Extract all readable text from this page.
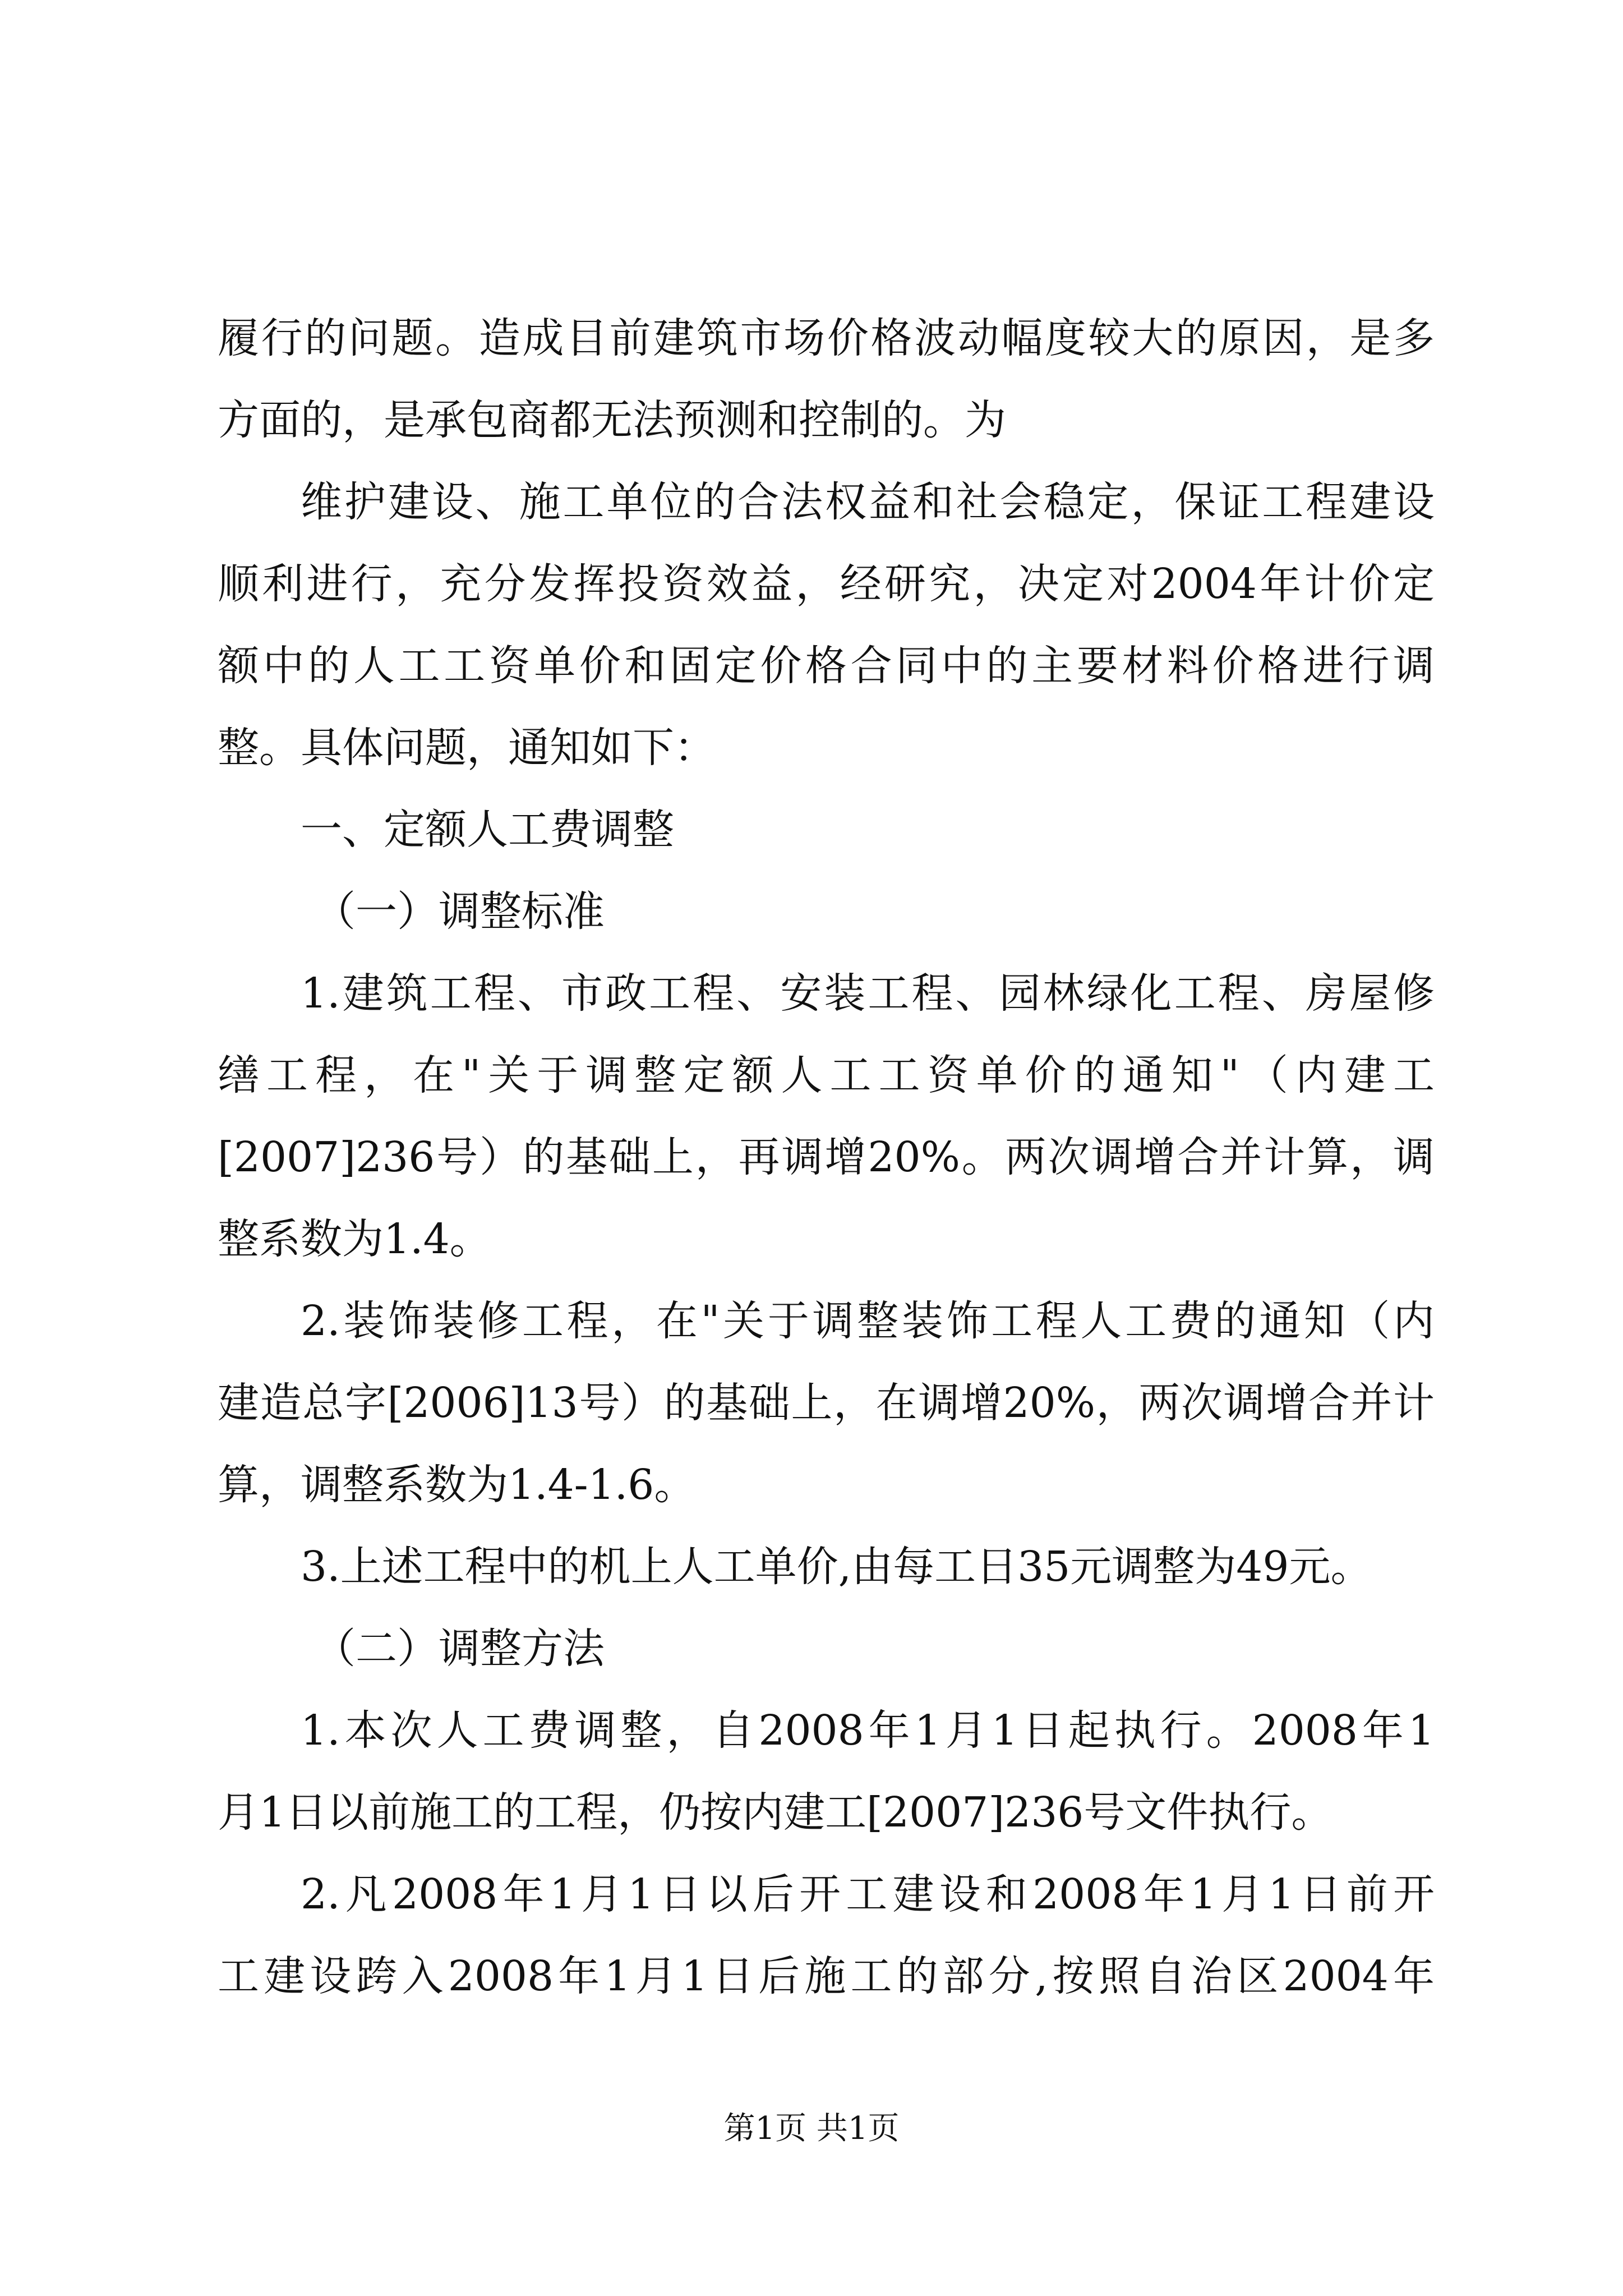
履行的问题。造成目前建筑市场价格波动幅度较大的原因，是多
方面的，是承包商都无法预测和控制的。为
维护建设、施工单位的合法权益和社会稳定，保证工程建设
顺利进行，充分发挥投资效益，经研究，决定对2004年计价定
额中的人工工资单价和固定价格合同中的主要材料价格进行调
整。具体问题，通知如下：
一、定额人工费调整
（一）调整标准
1.建筑工程、市政工程、安装工程、园林绿化工程、房屋修
缮工程，在"关于调整定额人工工资单价的通知"（内建工
[2007]236号）的基础上，再调增20%。两次调增合并计算，调
整系数为1.4。
2.装饰装修工程，在"关于调整装饰工程人工费的通知（内
建造总字[2006]13号）的基础上，在调增20%，两次调增合并计
算，调整系数为1.4-1.6。
3.上述工程中的机上人工单价,由每工日35元调整为49元。
（二）调整方法
1.本次人工费调整，自2008年1月1日起执行。2008年1
月1日以前施工的工程，仍按内建工[2007]236号文件执行。
2.凡2008年1月1日以后开工建设和2008年1月1日前开
工建设跨入2008年1月1日后施工的部分,按照自治区2004年
第1页 共1页
